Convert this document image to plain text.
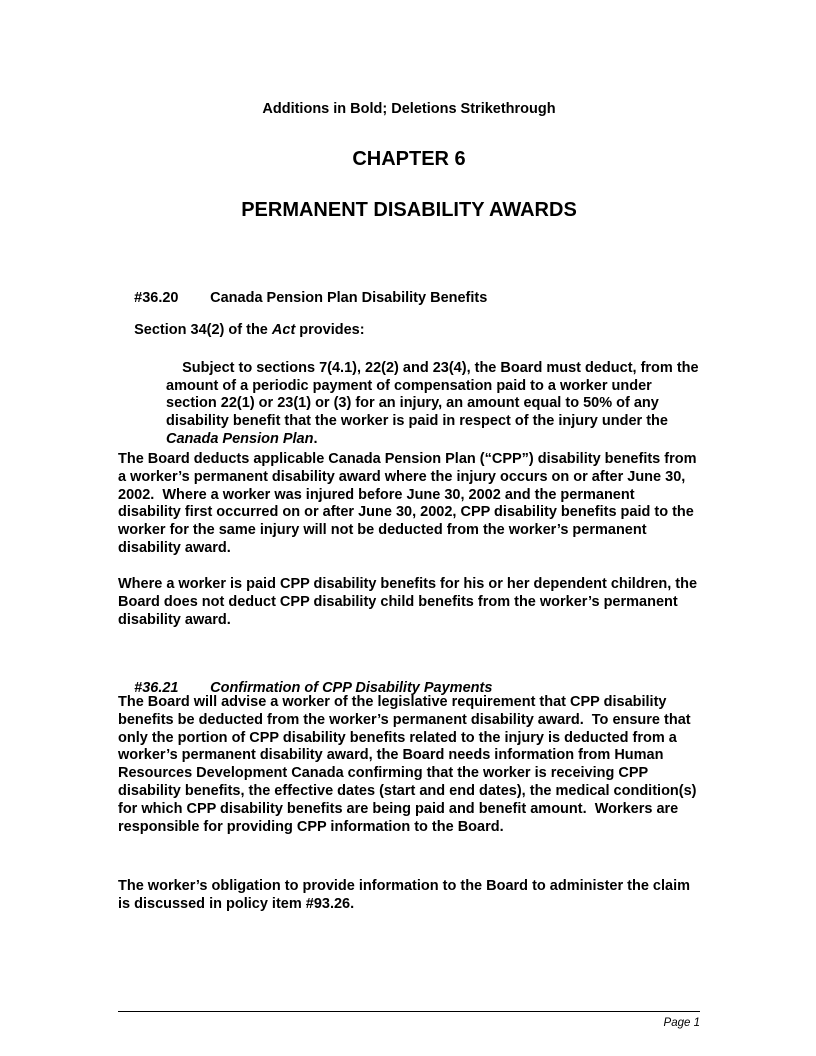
Additions in Bold; Deletions Strikethrough
CHAPTER 6
PERMANENT DISABILITY AWARDS

#36.20 Canada Pension Plan Disability Benefits

Section 34(2) of the Act provides:

Subject to sections 7(4.1), 22(2) and 23(4), the Board must deduct, from the amount of a periodic payment of compensation paid to a worker under section 22(1) or 23(1) or (3) for an injury, an amount equal to 50% of any disability benefit that the worker is paid in respect of the injury under the Canada Pension Plan.

The Board deducts applicable Canada Pension Plan (“CPP”) disability benefits from a worker’s permanent disability award where the injury occurs on or after June 30, 2002.  Where a worker was injured before June 30, 2002 and the permanent disability first occurred on or after June 30, 2002, CPP disability benefits paid to the worker for the same injury will not be deducted from the worker’s permanent disability award.
Where a worker is paid CPP disability benefits for his or her dependent children, the Board does not deduct CPP disability child benefits from the worker’s permanent disability award.

#36.21 Confirmation of CPP Disability Payments

The Board will advise a worker of the legislative requirement that CPP disability benefits be deducted from the worker’s permanent disability award.  To ensure that only the portion of CPP disability benefits related to the injury is deducted from a worker’s permanent disability award, the Board needs information from Human Resources Development Canada confirming that the worker is receiving CPP disability benefits, the effective dates (start and end dates), the medical condition(s) for which CPP disability benefits are being paid and benefit amount.  Workers are responsible for providing CPP information to the Board.
The worker’s obligation to provide information to the Board to administer the claim is discussed in policy item #93.26.
Page 1
